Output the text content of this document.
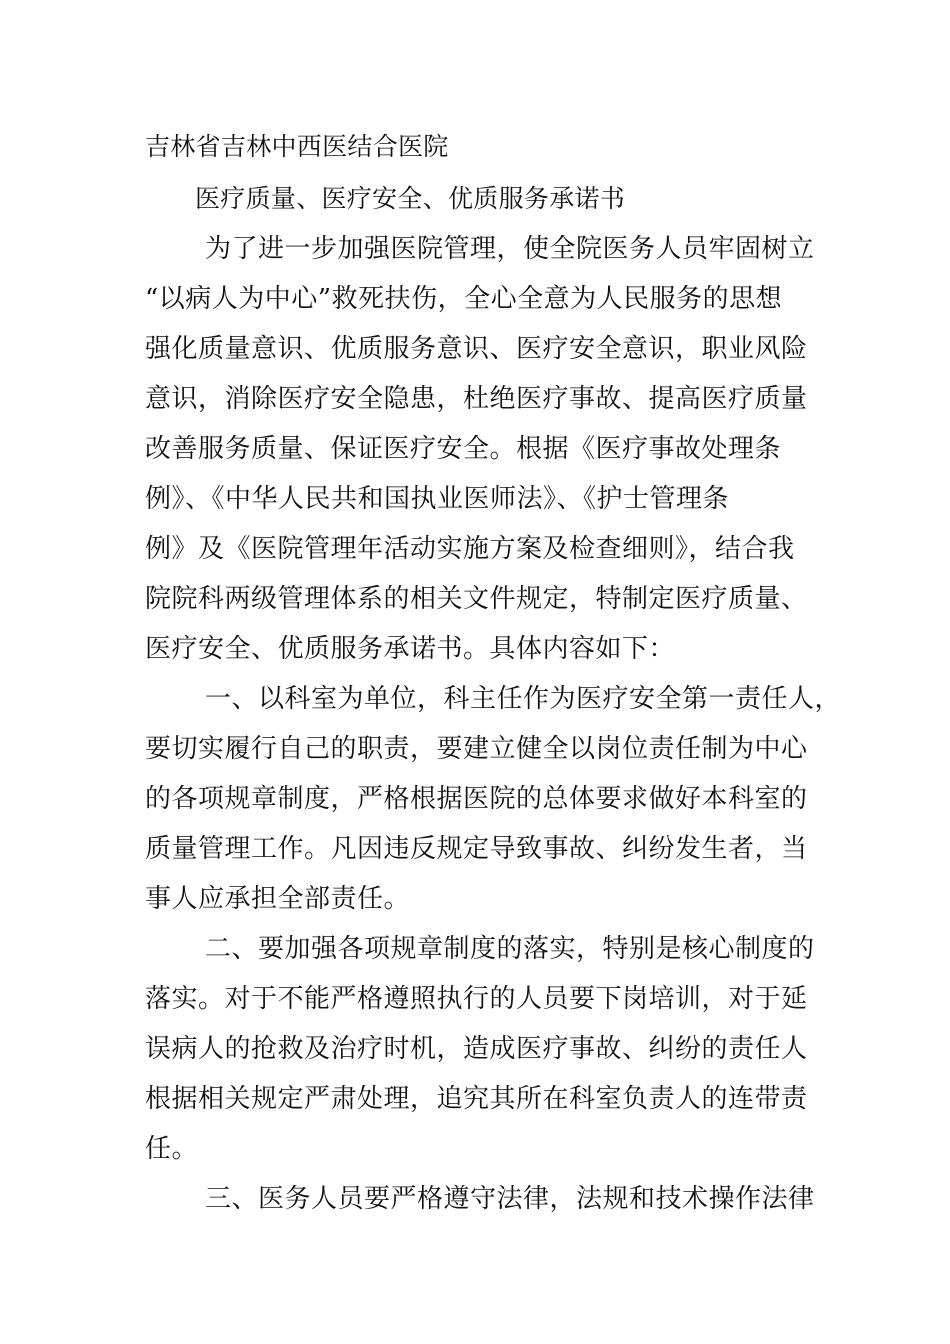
吉林省吉林中西医结合医院
医疗质量、医疗安全、优质服务承诺书
为了进一步加强医院管理，使全院医务人员牢固树立
“以病人为中心”救死扶伤，全心全意为人民服务的思想
强化质量意识、优质服务意识、医疗安全意识，职业风险
意识，消除医疗安全隐患，杜绝医疗事故、提高医疗质量
改善服务质量、保证医疗安全。根据《医疗事故处理条
例》、《中华人民共和国执业医师法》、《护士管理条
例》及《医院管理年活动实施方案及检查细则》，结合我
院院科两级管理体系的相关文件规定，特制定医疗质量、
医疗安全、优质服务承诺书。具体内容如下：
一、以科室为单位，科主任作为医疗安全第一责任人，
要切实履行自己的职责，要建立健全以岗位责任制为中心
的各项规章制度，严格根据医院的总体要求做好本科室的
质量管理工作。凡因违反规定导致事故、纠纷发生者，当
事人应承担全部责任。
二、要加强各项规章制度的落实，特别是核心制度的
落实。对于不能严格遵照执行的人员要下岗培训，对于延
误病人的抢救及治疗时机，造成医疗事故、纠纷的责任人
根据相关规定严肃处理，追究其所在科室负责人的连带责
任。
三、医务人员要严格遵守法律，法规和技术操作法律
